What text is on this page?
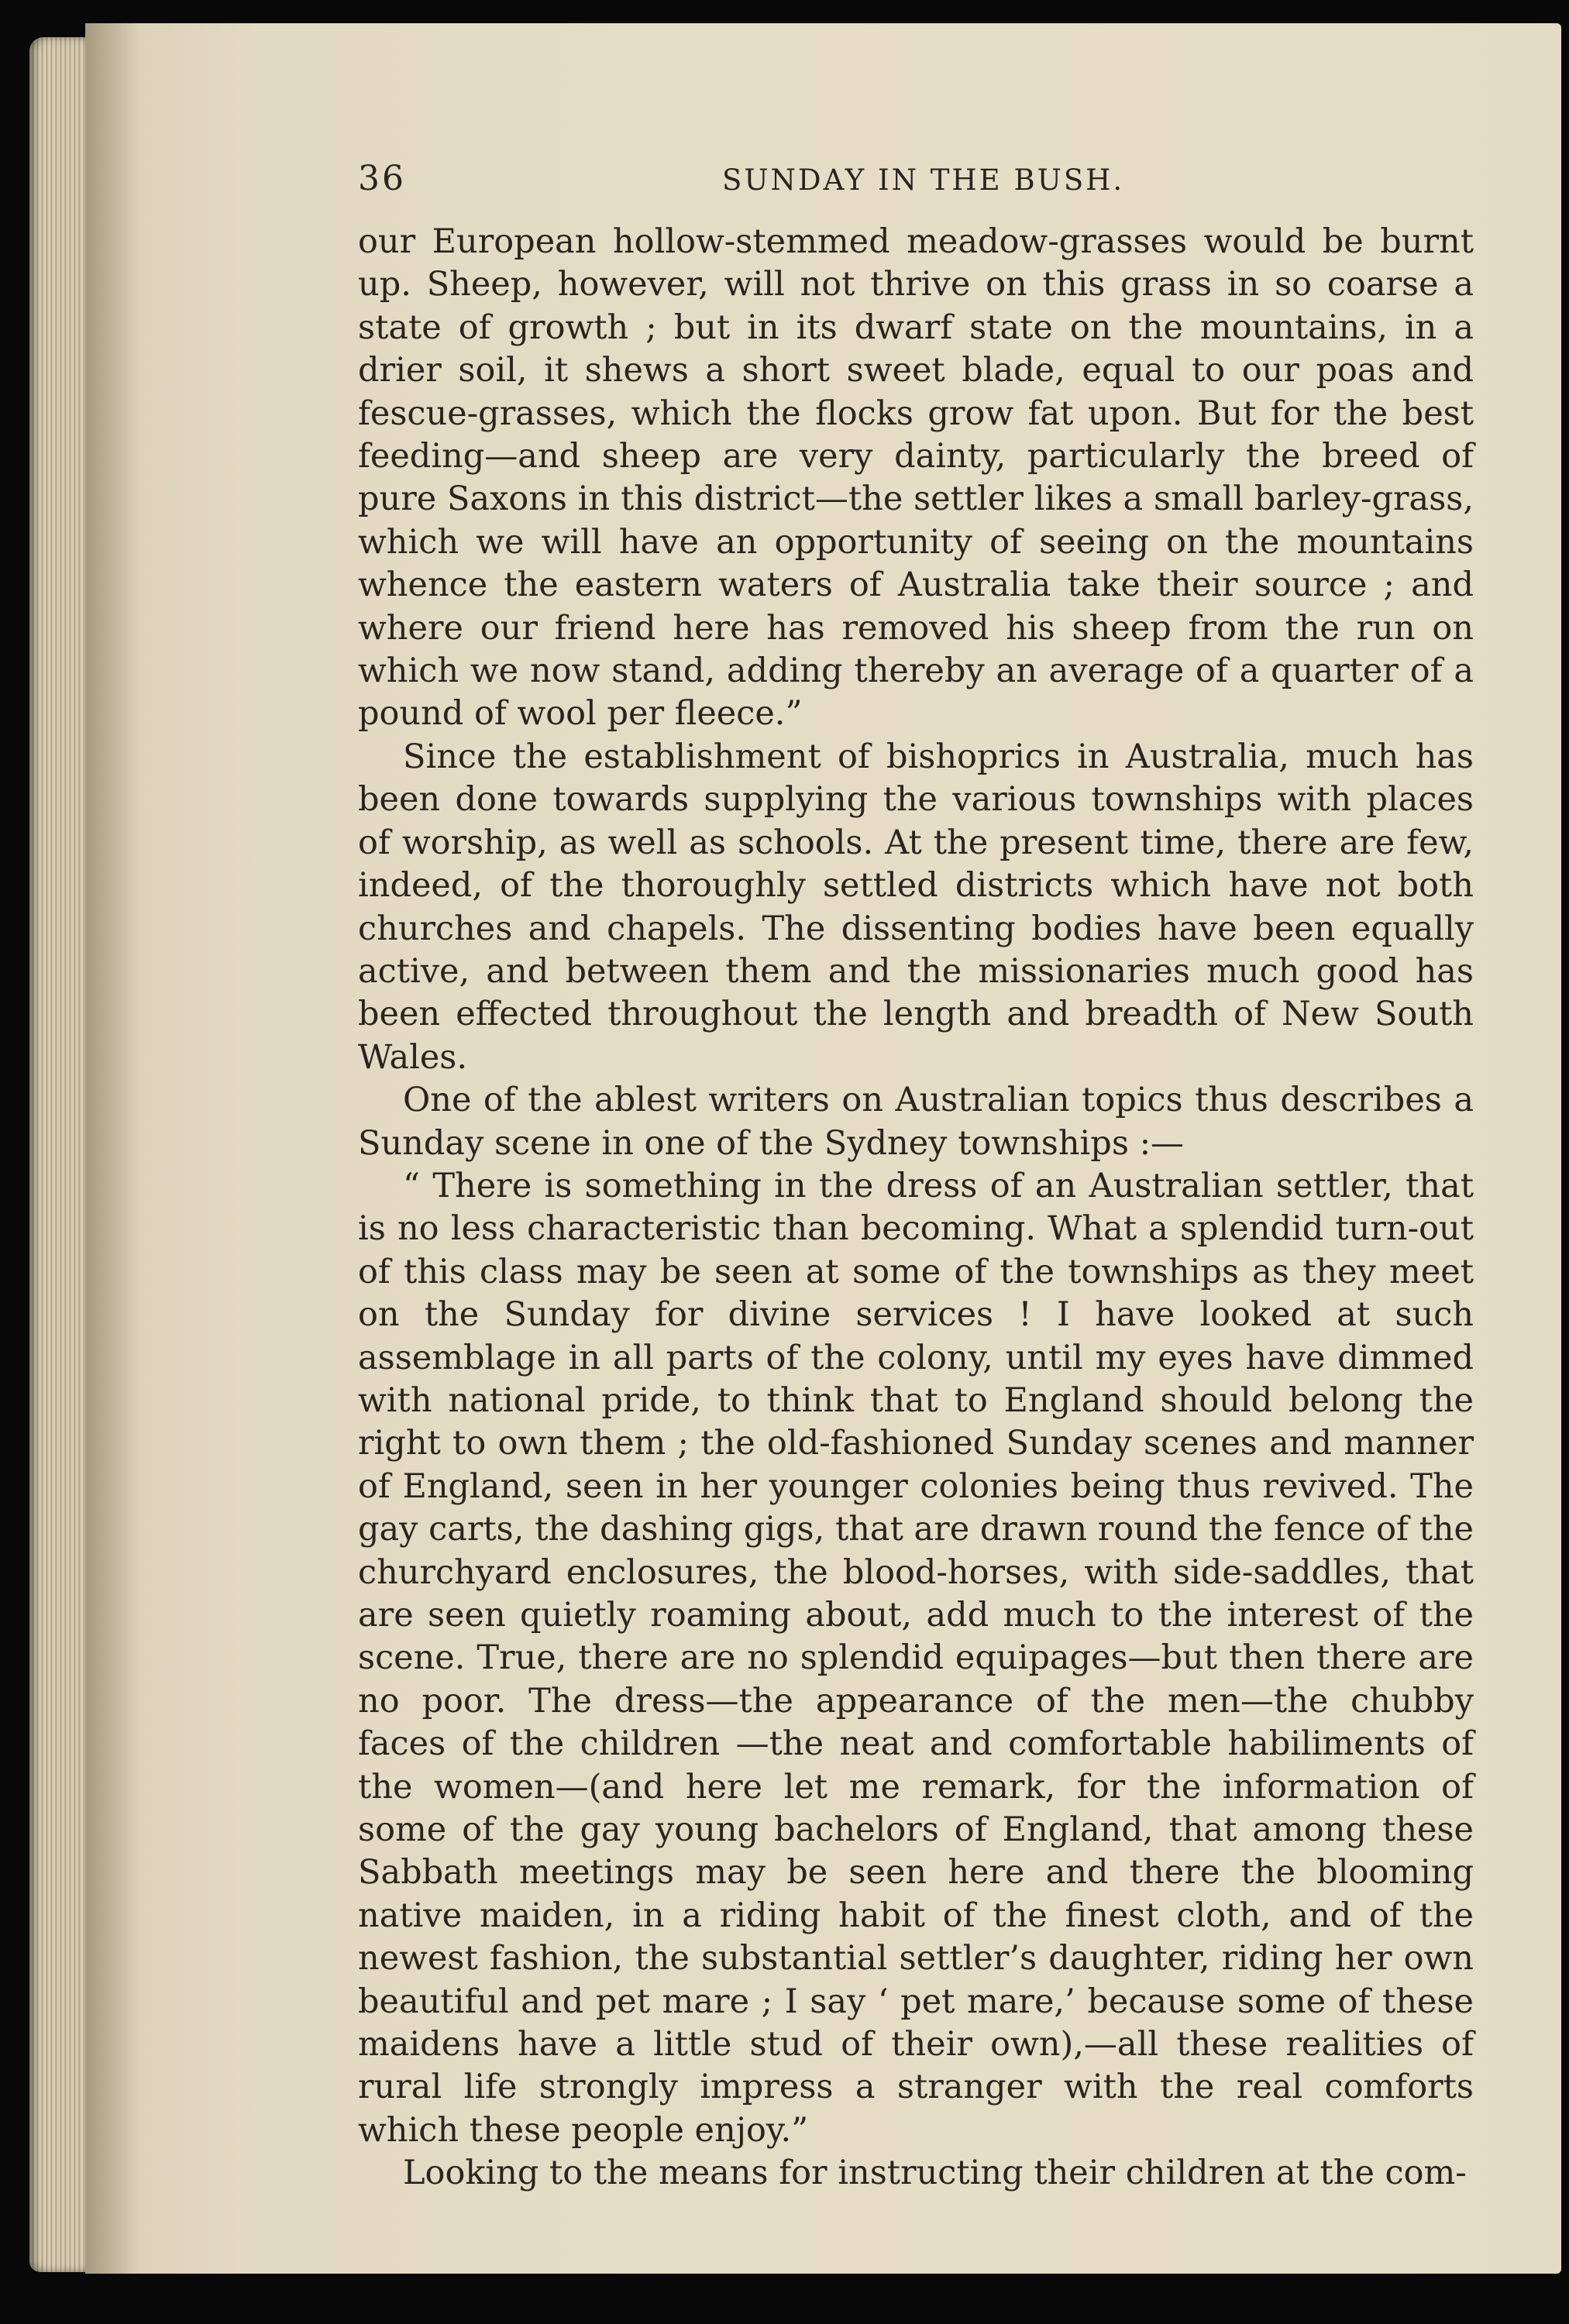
36	SUNDAY IN THE BUSH.

our European hollow-stemmed meadow-grasses would be burnt up. Sheep, however, will not thrive on this grass in so coarse a state of growth ; but in its dwarf state on the mountains, in a drier soil, it shews a short sweet blade, equal to our poas and fescue-grasses, which the flocks grow fat upon. But for the best feeding—and sheep are very dainty, particularly the breed of pure Saxons in this district—the settler likes a small barley-grass, which we will have an opportunity of seeing on the mountains whence the eastern waters of Australia take their source ; and where our friend here has removed his sheep from the run on which we now stand, adding thereby an average of a quarter of a pound of wool per fleece.”

Since the establishment of bishoprics in Australia, much has been done towards supplying the various townships with places of worship, as well as schools. At the present time, there are few, indeed, of the thoroughly settled districts which have not both churches and chapels. The dissenting bodies have been equally active, and between them and the missionaries much good has been effected throughout the length and breadth of New South Wales.

One of the ablest writers on Australian topics thus describes a Sunday scene in one of the Sydney townships :—

“ There is something in the dress of an Australian settler, that is no less characteristic than becoming. What a splendid turn-out of this class may be seen at some of the townships as they meet on the Sunday for divine services ! I have looked at such assemblage in all parts of the colony, until my eyes have dimmed with national pride, to think that to England should belong the right to own them ; the old-fashioned Sunday scenes and manner of England, seen in her younger colonies being thus revived. The gay carts, the dashing gigs, that are drawn round the fence of the churchyard enclosures, the blood-horses, with side-saddles, that are seen quietly roaming about, add much to the interest of the scene. True, there are no splendid equipages—but then there are no poor. The dress—the appearance of the men—the chubby faces of the children —the neat and comfortable habiliments of the women—(and here let me remark, for the information of some of the gay young bachelors of England, that among these Sabbath meetings may be seen here and there the blooming native maiden, in a riding habit of the finest cloth, and of the newest fashion, the substantial settler’s daughter, riding her own beautiful and pet mare ; I say ‘ pet mare,’ because some of these maidens have a little stud of their own),—all these realities of rural life strongly impress a stranger with the real comforts which these people enjoy.”

Looking to the means for instructing their children at the com-
